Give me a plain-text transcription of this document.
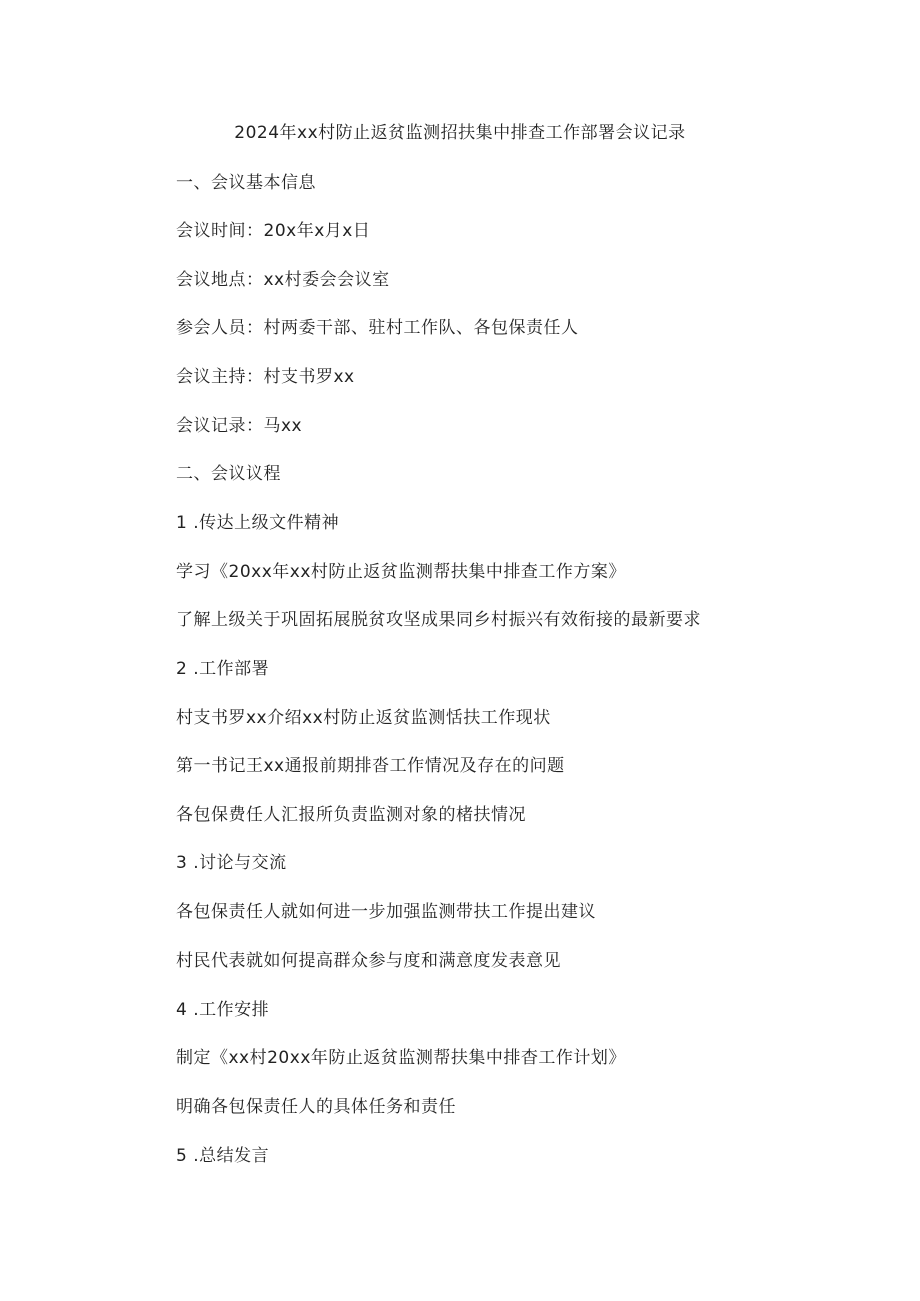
2024年xx村防止返贫监测招扶集中排查工作部署会议记录
一、会议基本信息
会议时间：20x年x月x日
会议地点：xx村委会会议室
参会人员：村两委干部、驻村工作队、各包保责任人
会议主持：村支书罗xx
会议记录：马xx
二、会议议程
1 .传达上级文件精神
学习《20xx年xx村防止返贫监测帮扶集中排查工作方案》
了解上级关于巩固拓展脱贫攻坚成果同乡村振兴有效衔接的最新要求
2 .工作部署
村支书罗xx介绍xx村防止返贫监测恬扶工作现状
第一书记王xx通报前期排沓工作情况及存在的问题
各包保费任人汇报所负责监测对象的楮扶情况
3 .讨论与交流
各包保责任人就如何进一步加强监测带扶工作提出建议
村民代表就如何提高群众参与度和满意度发表意见
4 .工作安排
制定《xx村20xx年防止返贫监测帮扶集中排杳工作计划》
明确各包保责任人的具体任务和责任
5 .总结发言
